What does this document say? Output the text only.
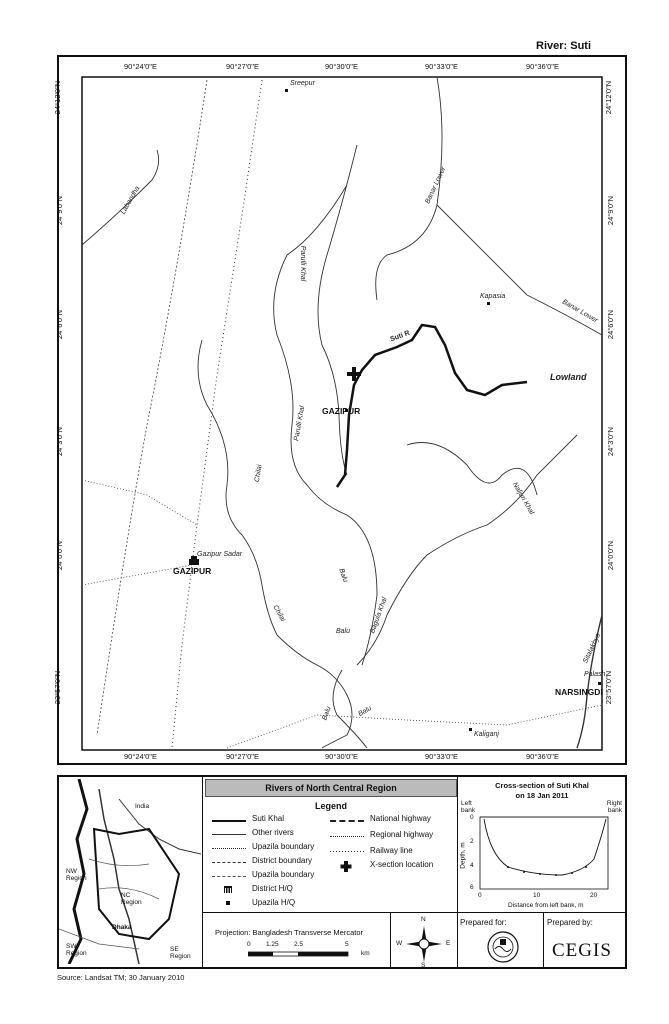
River: Suti
90°24'0"E	90°27'0"E	90°30'0"E	90°33'0"E	90°36'0"E
90°24'0"E	90°27'0"E	90°30'0"E	90°33'0"E	90°36'0"E
24°12'0"N
24°9'0"N
24°6'0"N
24°3'0"N
24°0'0"N
23°57'0"N
24°12'0"N
24°9'0"N
24°6'0"N
24°3'0"N
24°0'0"N
23°57'0"N
Sreepur
Kapasia
GAZIPUR
Gazipur Sadar
GAZIPUR
NARSINGDI
Palash
Kaliganj
Lowland
Labandha	Banar Lower
Banar Lower
Suti R
Parulli Khal
Parulli Khal
Chilai
Chilai
Balu
Balu
Balu	Balu
Naljuri Khal
Bagula Khal
Sitalakhya
India
NW Region
NC Region
Dhaka
SW Region
SE Region
Rivers of North Central Region
Legend
Suti Khal
Other rivers
Upazila boundary
District boundary
Upazila boundary
District H/Q
Upazila H/Q
National highway
Regional highway
Railway line
X-section location
Projection: Bangladesh Transverse Mercator
0 1.25 2.5	5
km
N
S
W	E
Cross-section of Suti Khal
on 18 Jan 2011
Left bank
Right bank
0
2
4
6
Depth, m
0	10	20
Distance from left bank, m
Prepared for:	Prepared by:
CEGIS
Source: Landsat TM; 30 January 2010
